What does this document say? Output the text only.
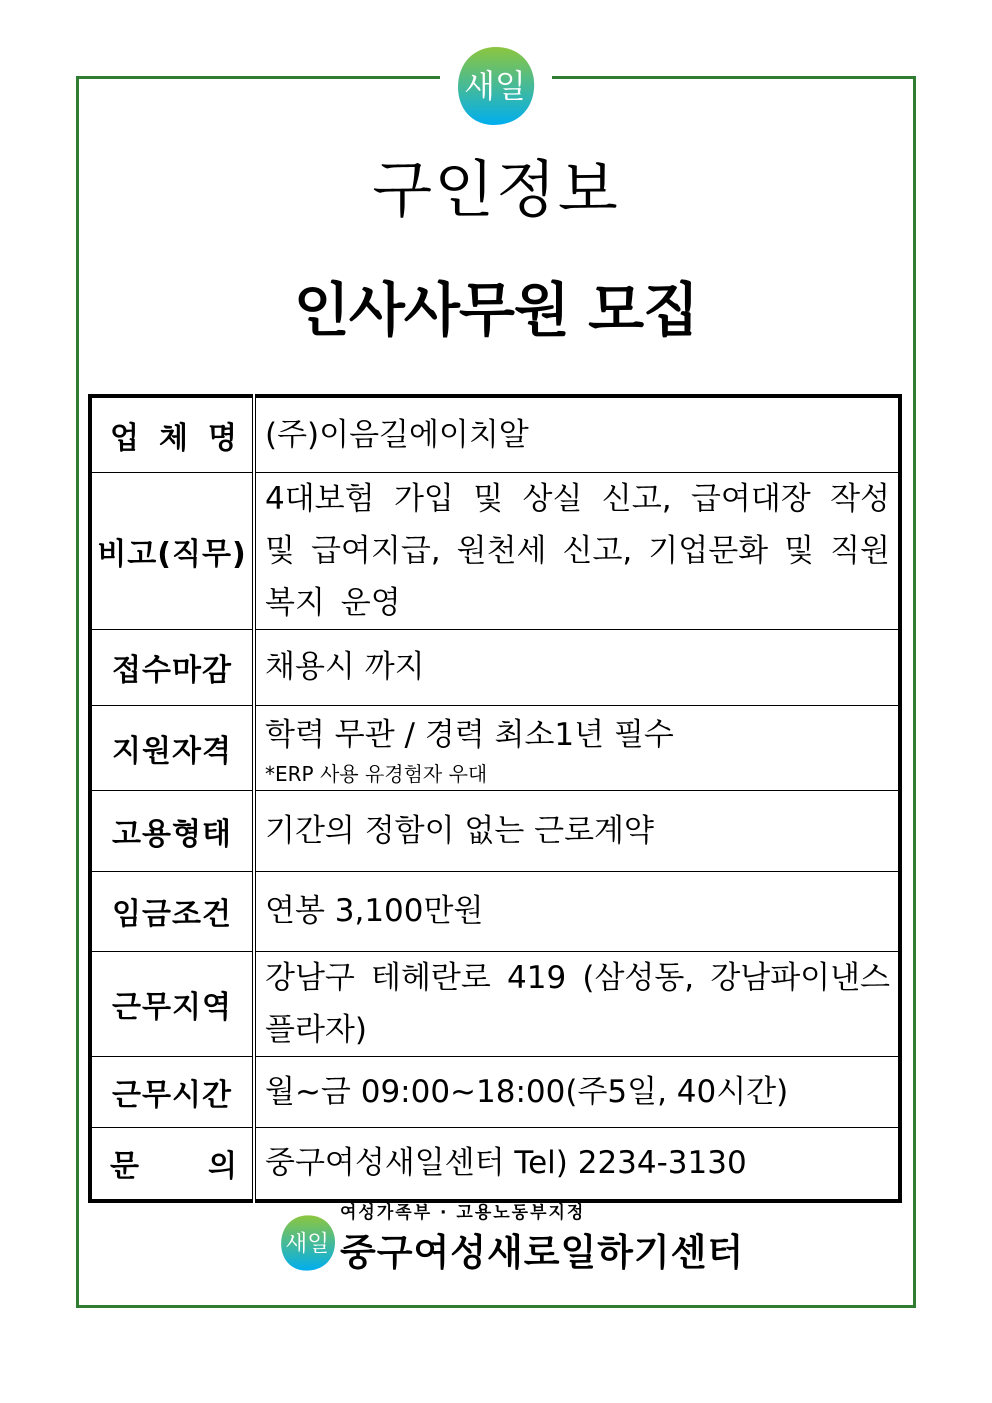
새일
구인정보
인사사무원 모집
업 체 명	(주)이음길에이치알
비고(직무)	4대보험 가입 및 상실 신고, 급여대장 작성 및 급여지급, 원천세 신고, 기업문화 및 직원 복지 운영
접수마감	채용시 까지
지원자격	학력 무관 / 경력 최소1년 필수
*ERP 사용 유경험자 우대

고용형태	기간의 정함이 없는 근로계약
임금조건	연봉 3,100만원
근무지역	강남구 테헤란로 419 (삼성동, 강남파이낸스 플라자)
근무시간	월~금 09:00~18:00(주5일, 40시간)

문 의	중구여성새일센터 Tel) 2234-3130
여성가족부 · 고용노동부지정
새일 중구여성새로일하기센터
